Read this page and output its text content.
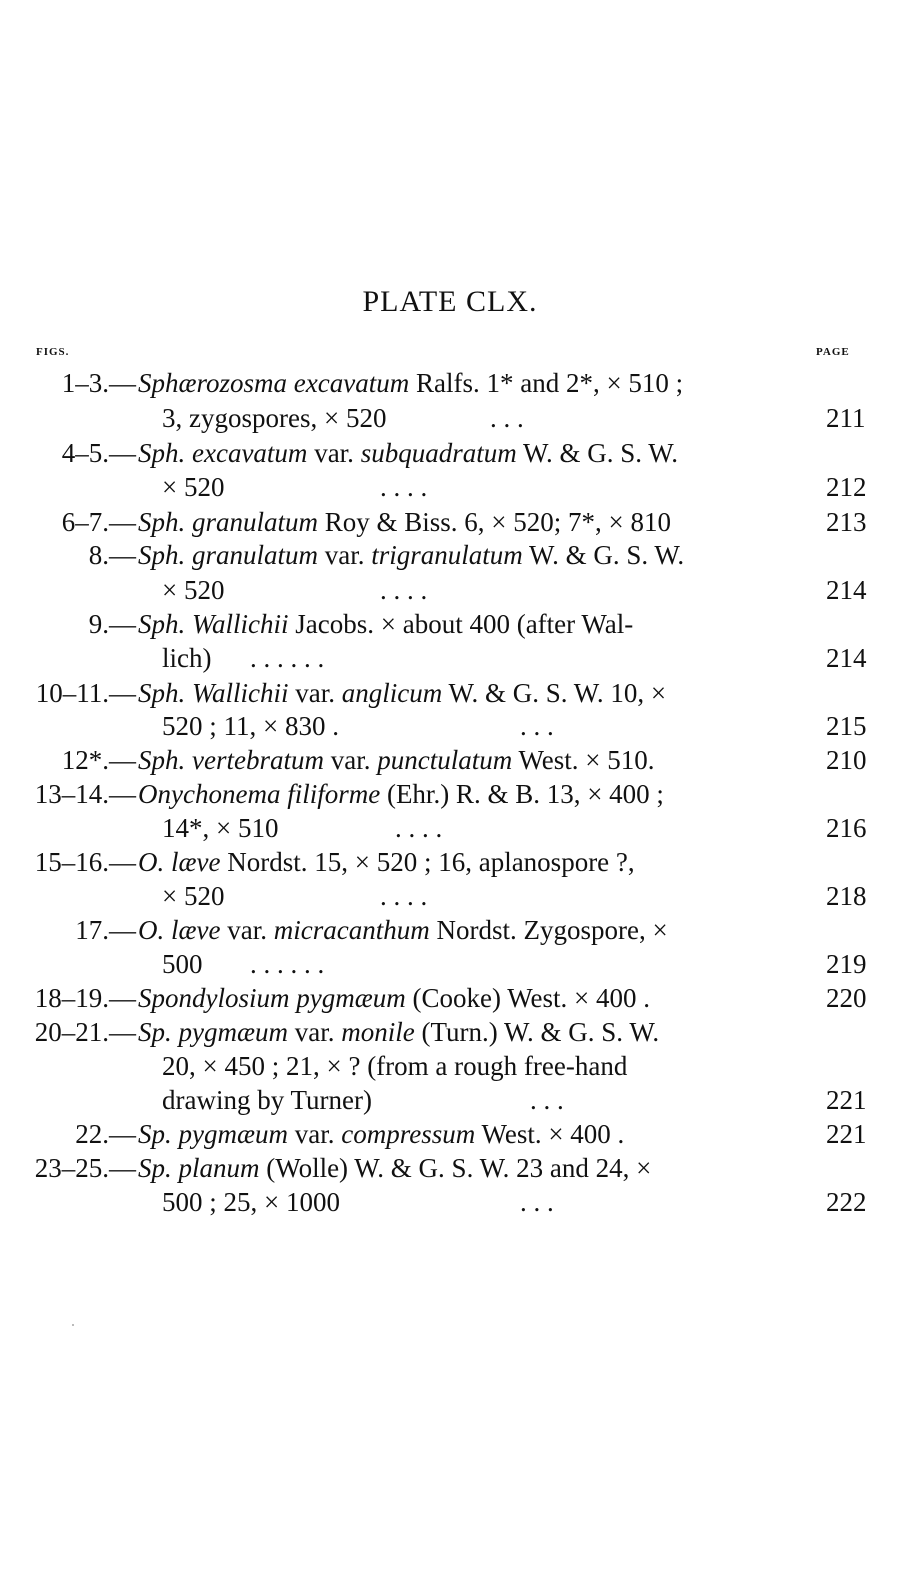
PLATE CLX.
FIGS.	PAGE
1–3.— Sphærozosma excavatum Ralfs. 1* and 2*, × 510 ;
3, zygospores, × 520	. . .	211
4–5.— Sph. excavatum var. subquadratum W. & G. S. W.
× 520	. . . .	212
6–7.— Sph. granulatum Roy & Biss. 6, × 520; 7*, × 810	213
8.— Sph. granulatum var. trigranulatum W. & G. S. W.
× 520	. . . .	214
9.— Sph. Wallichii Jacobs. × about 400 (after Wal-
lich) . . . . . .	214
10–11.— Sph. Wallichii var. anglicum W. & G. S. W. 10, ×
520 ; 11, × 830 .	. . .	215
12*.— Sph. vertebratum var. punctulatum West. × 510.	210
13–14.— Onychonema filiforme (Ehr.) R. & B. 13, × 400 ;
14*, × 510	. . . .	216
15–16.— O. læve Nordst. 15, × 520 ; 16, aplanospore ?,
× 520	. . . .	218
17.— O. læve var. micracanthum Nordst. Zygospore, ×
500 . . . . . .	219
18–19.— Spondylosium pygmæum (Cooke) West. × 400 .	220
20–21.— Sp. pygmæum var. monile (Turn.) W. & G. S. W.
20, × 450 ; 21, × ? (from a rough free-hand
drawing by Turner)	. . .	221
22.— Sp. pygmæum var. compressum West. × 400 .	221
23–25.— Sp. planum (Wolle) W. & G. S. W. 23 and 24, ×
500 ; 25, × 1000	. . .	222
